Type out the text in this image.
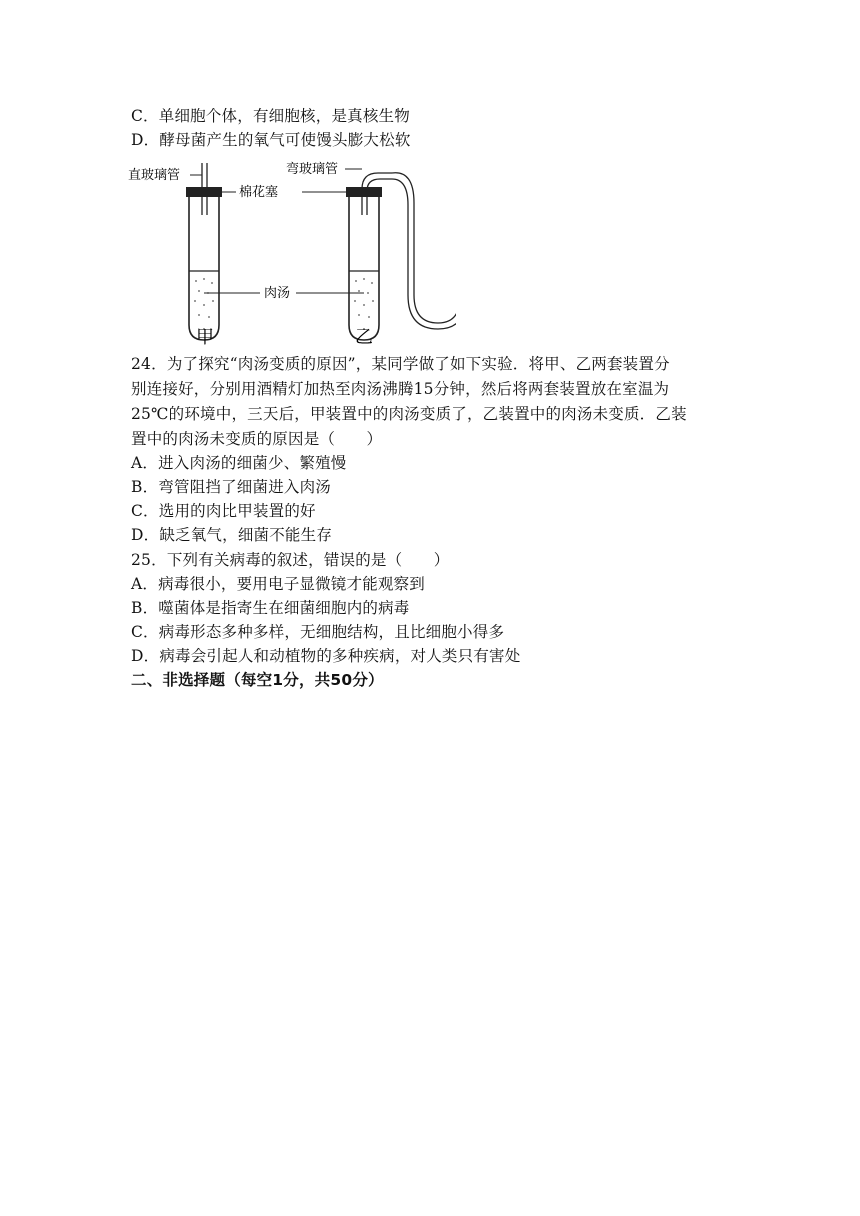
C．单细胞个体，有细胞核，是真核生物
D．酵母菌产生的氧气可使馒头膨大松软
直玻璃管	弯玻璃管
棉花塞
肉汤
甲	乙
24．为了探究“肉汤变质的原因”，某同学做了如下实验．将甲、乙两套装置分
别连接好，分别用酒精灯加热至肉汤沸腾15分钟，然后将两套装置放在室温为
25℃的环境中，三天后，甲装置中的肉汤变质了，乙装置中的肉汤未变质．乙装
置中的肉汤未变质的原因是（　　）
A．进入肉汤的细菌少、繁殖慢
B．弯管阻挡了细菌进入肉汤
C．选用的肉比甲装置的好
D．缺乏氧气，细菌不能生存
25．下列有关病毒的叙述，错误的是（　　）
A．病毒很小，要用电子显微镜才能观察到
B．噬菌体是指寄生在细菌细胞内的病毒
C．病毒形态多种多样，无细胞结构，且比细胞小得多
D．病毒会引起人和动植物的多种疾病，对人类只有害处
二、非选择题（每空1分，共50分）
